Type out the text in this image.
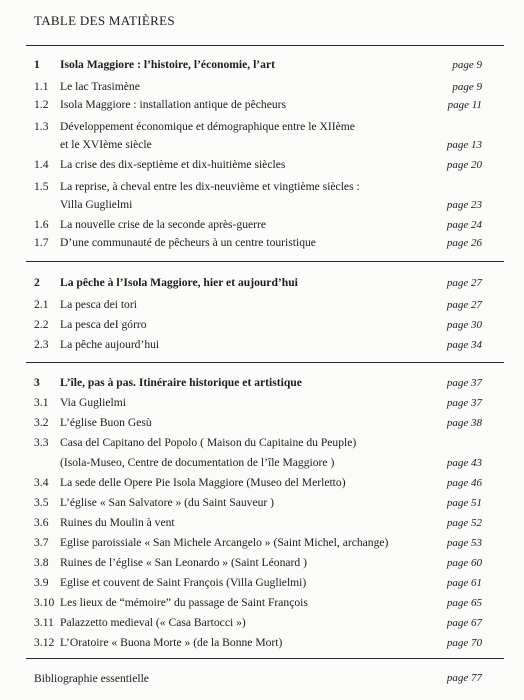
TABLE DES MATIÈRES
1 Isola Maggiore : l’histoire, l’économie, l’art	page 9
1.1 Le lac Trasimène	page 9
1.2 Isola Maggiore : installation antique de pêcheurs	page 11
1.3 Développement économique et démographique entre le XIIème
et le XVIème siècle	page 13
1.4 La crise des dix-septième et dix-huitième siècles	page 20
1.5 La reprise, à cheval entre les dix-neuvième et vingtième siècles :
Villa Guglielmi	page 23
1.6 La nouvelle crise de la seconde après-guerre	page 24
1.7 D’une communauté de pêcheurs à un centre touristique	page 26
2 La pêche à l’Isola Maggiore, hier et aujourd’hui	page 27
2.1 La pesca dei tori	page 27
2.2 La pesca deI górro	page 30
2.3 La pêche aujourd’hui	page 34
3 L’île, pas à pas. Itinéraire historique et artistique	page 37
3.1 Via Guglielmi	page 37
3.2 L’église Buon Gesù	page 38
3.3 Casa del Capitano del Popolo ( Maison du Capitaine du Peuple)
(Isola-Museo, Centre de documentation de l’île Maggiore )	page 43
3.4 La sede delle Opere Pie Isola Maggiore (Museo del Merletto)	page 46
3.5 L’église « San Salvatore » (du Saint Sauveur )	page 51
3.6 Ruines du Moulin à vent	page 52
3.7 Eglise paroissiale « San Michele Arcangelo » (Saint Michel, archange)	page 53
3.8 Ruines de l’église « San Leonardo » (Saint Léonard )	page 60
3.9 Eglise et couvent de Saint François (Villa Guglielmi)	page 61
3.10 Les lieux de “mémoire” du passage de Saint François	page 65
3.11 Palazzetto medieval (« Casa Bartocci »)	page 67
3.12 L’Oratoire « Buona Morte » (de la Bonne Mort)	page 70
Bibliographie essentielle	page 77
